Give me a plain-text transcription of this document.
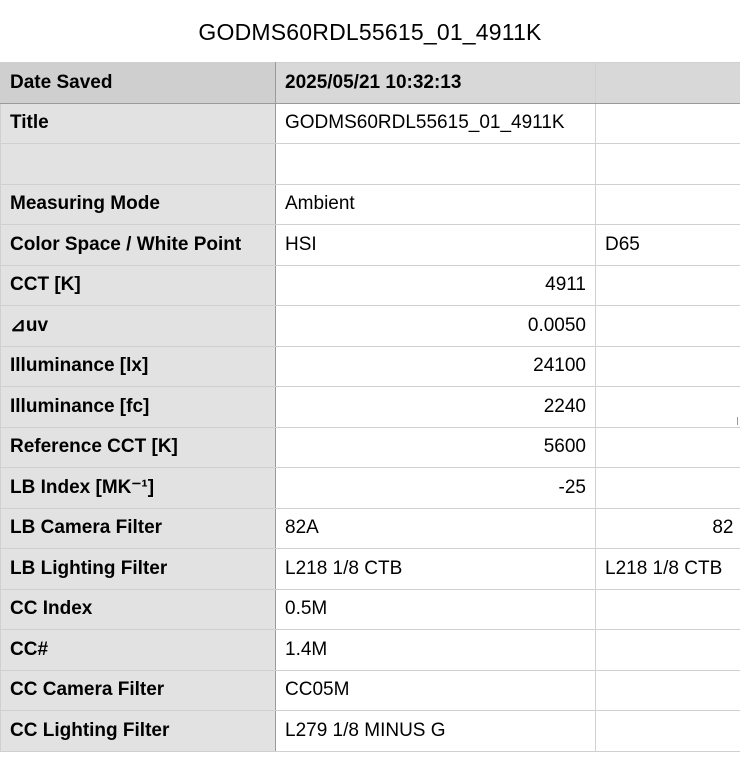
GODMS60RDL55615_01_4911K
Date Saved	2025/05/21 10:32:13	
Title	GODMS60RDL55615_01_4911K	

Measuring Mode	Ambient	
Color Space / White Point	HSI	D65
CCT [K]	4911	
⊿uv	0.0050	
Illuminance [lx]	24100	
Illuminance [fc]	2240	
Reference CCT [K]	5600	
LB Index [MK⁻¹]	-25	
LB Camera Filter	82A	82
LB Lighting Filter	L218 1/8 CTB	L218 1/8 CTB
CC Index	0.5M	
CC#	1.4M	
CC Camera Filter	CC05M	
CC Lighting Filter	L279 1/8 MINUS G	
